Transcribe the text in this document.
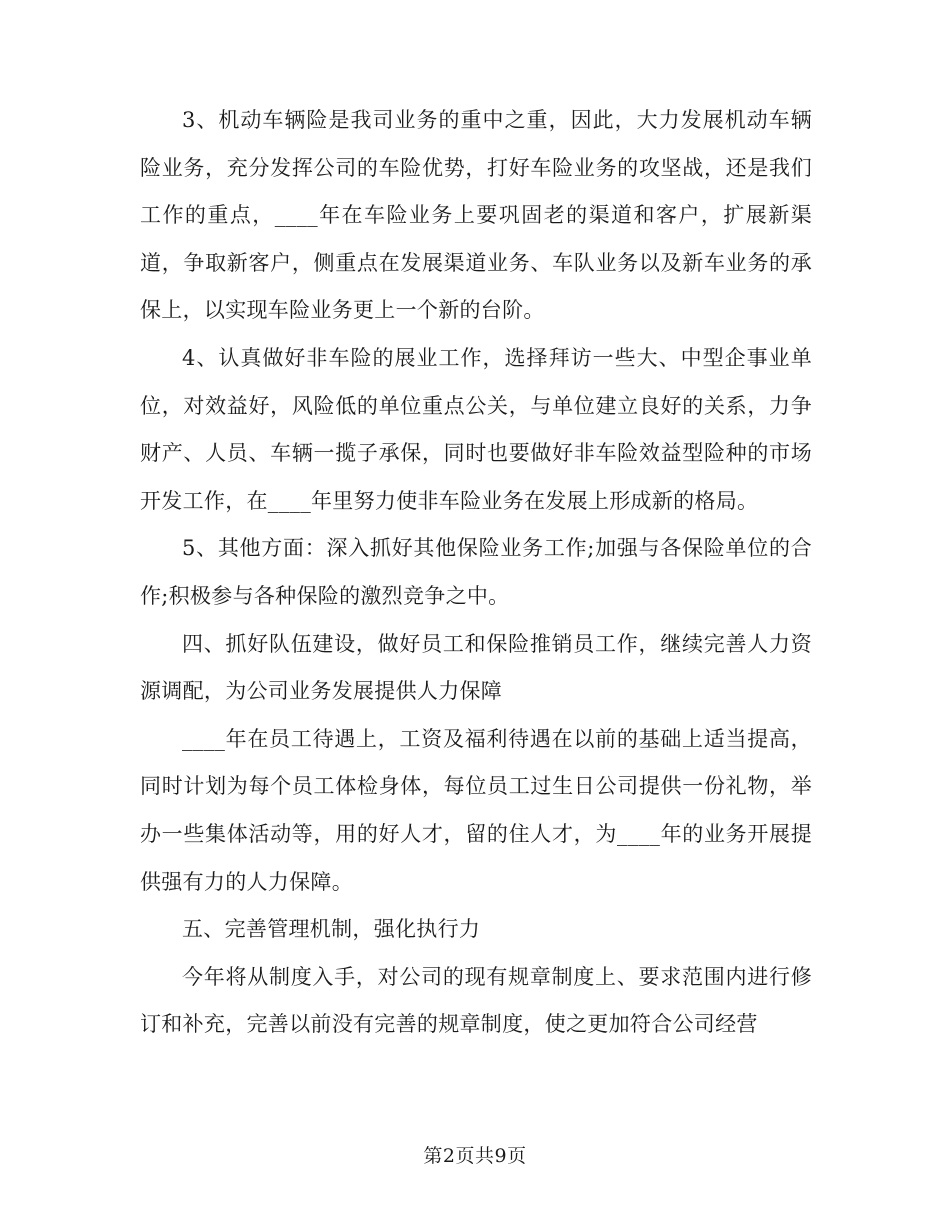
3、机动车辆险是我司业务的重中之重，因此，大力发展机动车辆险业务，充分发挥公司的车险优势，打好车险业务的攻坚战，还是我们工作的重点，____年在车险业务上要巩固老的渠道和客户，扩展新渠道，争取新客户，侧重点在发展渠道业务、车队业务以及新车业务的承保上，以实现车险业务更上一个新的台阶。

4、认真做好非车险的展业工作，选择拜访一些大、中型企事业单位，对效益好，风险低的单位重点公关，与单位建立良好的关系，力争财产、人员、车辆一揽子承保，同时也要做好非车险效益型险种的市场开发工作，在____年里努力使非车险业务在发展上形成新的格局。

5、其他方面：深入抓好其他保险业务工作;加强与各保险单位的合作;积极参与各种保险的激烈竞争之中。

四、抓好队伍建设，做好员工和保险推销员工作，继续完善人力资源调配，为公司业务发展提供人力保障

____年在员工待遇上，工资及福利待遇在以前的基础上适当提高，同时计划为每个员工体检身体，每位员工过生日公司提供一份礼物，举办一些集体活动等，用的好人才，留的住人才，为____年的业务开展提供强有力的人力保障。

五、完善管理机制，强化执行力

今年将从制度入手，对公司的现有规章制度上、要求范围内进行修订和补充，完善以前没有完善的规章制度，使之更加符合公司经营

第2页共9页
